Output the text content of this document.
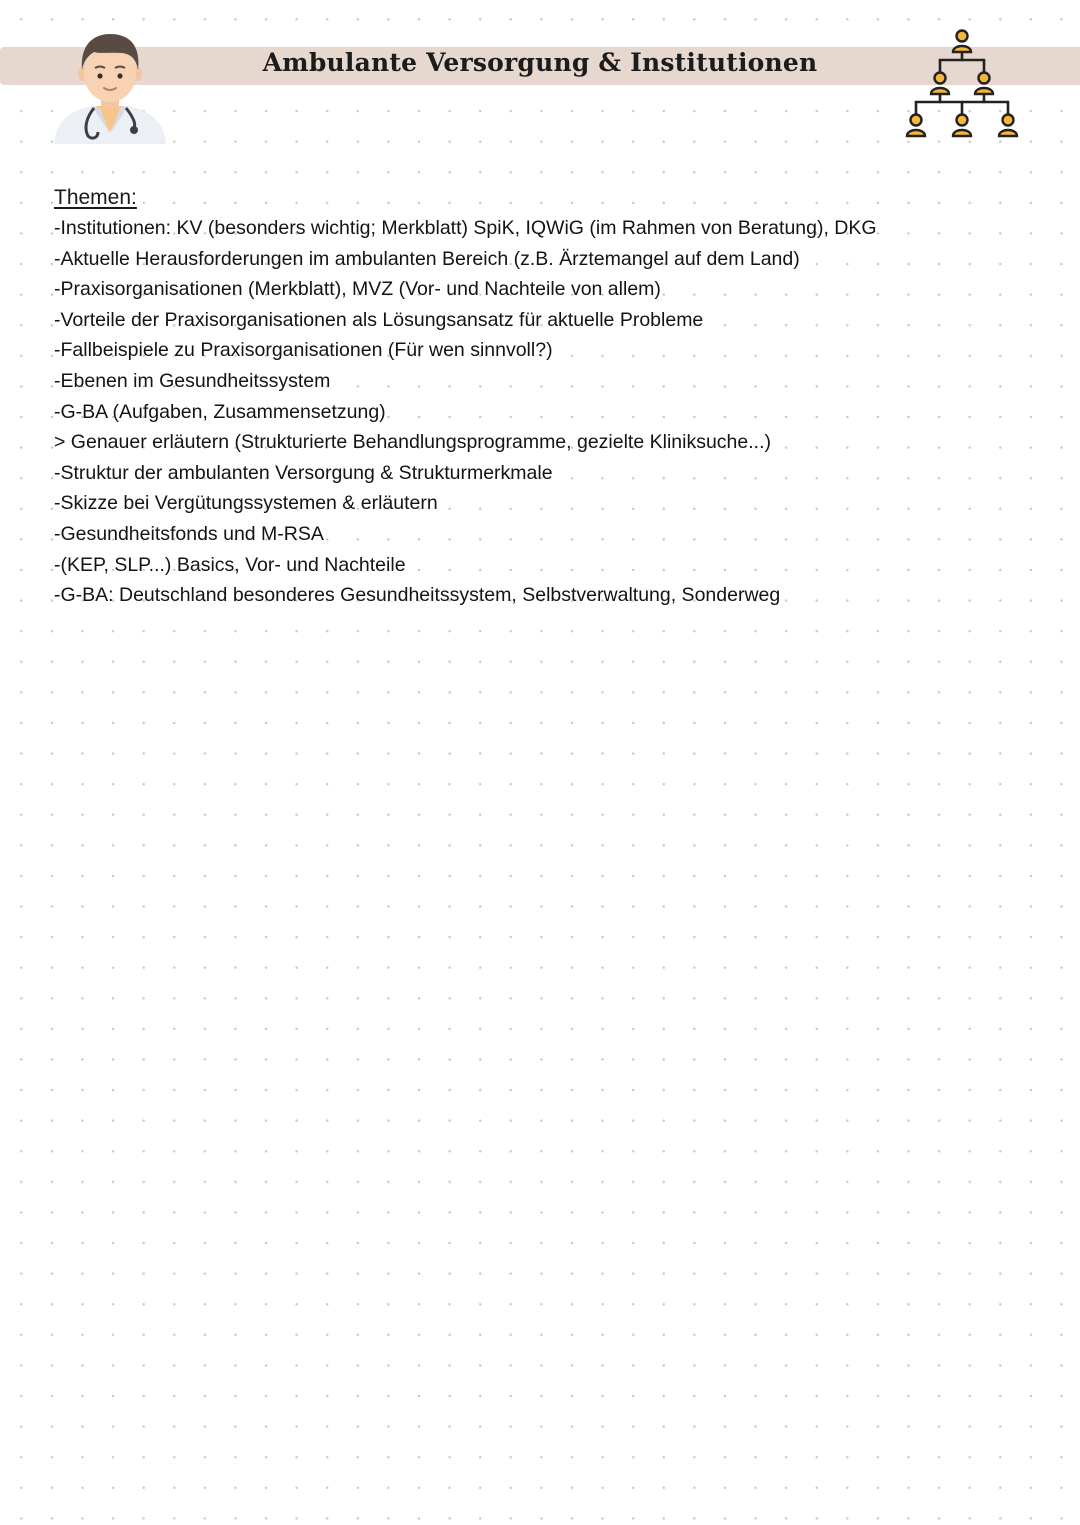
Ambulante Versorgung & Institutionen
Themen:
-Institutionen: KV (besonders wichtig; Merkblatt) SpiK, IQWiG (im Rahmen von Beratung), DKG
-Aktuelle Herausforderungen im ambulanten Bereich (z.B. Ärztemangel auf dem Land)
-Praxisorganisationen (Merkblatt), MVZ (Vor- und Nachteile von allem)
-Vorteile der Praxisorganisationen als Lösungsansatz für aktuelle Probleme
-Fallbeispiele zu Praxisorganisationen (Für wen sinnvoll?)
-Ebenen im Gesundheitssystem
-G-BA (Aufgaben, Zusammensetzung)
> Genauer erläutern (Strukturierte Behandlungsprogramme, gezielte Kliniksuche...)
-Struktur der ambulanten Versorgung & Strukturmerkmale
-Skizze bei Vergütungssystemen & erläutern
-Gesundheitsfonds und M-RSA
-(KEP, SLP...) Basics, Vor- und Nachteile
-G-BA: Deutschland besonderes Gesundheitssystem, Selbstverwaltung, Sonderweg
